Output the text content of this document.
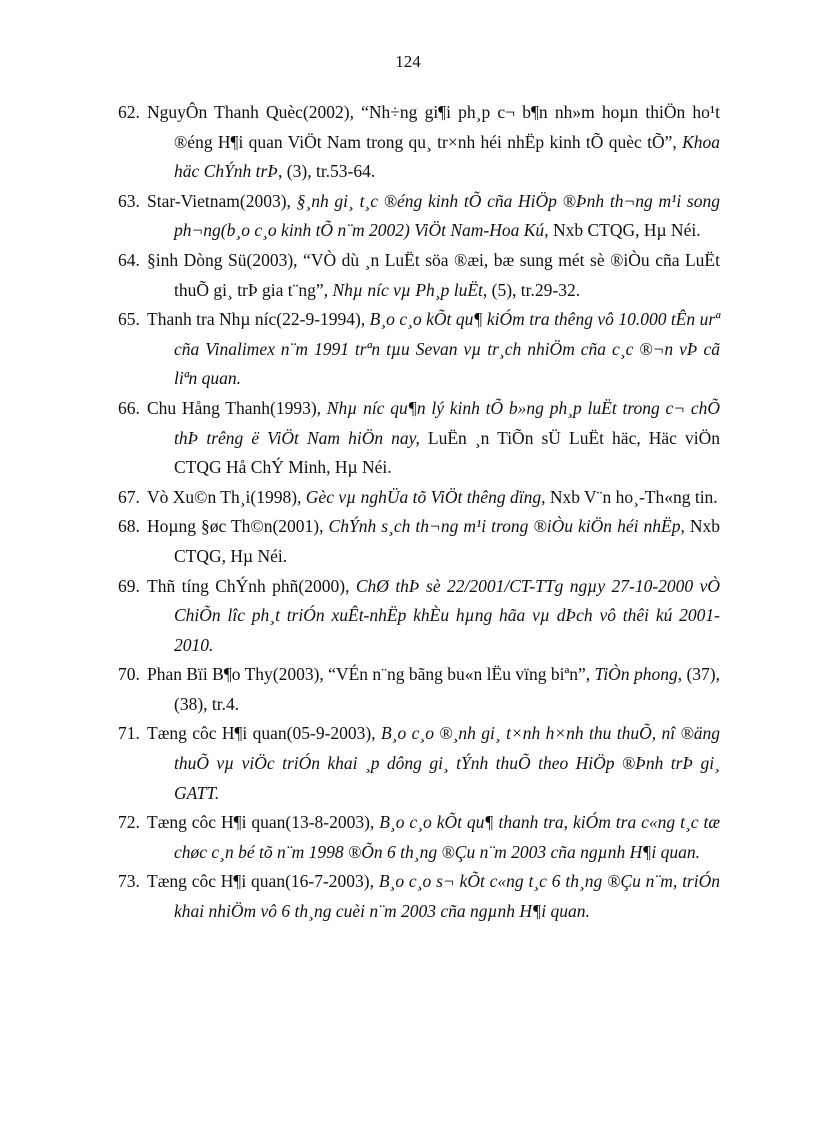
124
62. NguyÔn Thanh Quèc(2002), “Nh÷ng gi¶i ph¸p c¬ b¶n nh»m hoµn thiÖn ho¹t ®éng H¶i quan ViÖt Nam trong qu¸ tr×nh héi nhËp kinh tÕ quèc tÕ”, Khoa häc ChÝnh trÞ, (3), tr.53-64.
63. Star-Vietnam(2003), §¸nh gi¸ t¸c ®éng kinh tÕ cña HiÖp ®Þnh th¬ng m¹i song ph¬ng(b¸o c¸o kinh tÕ n¨m 2002) ViÖt Nam-Hoa Kú, Nxb CTQG, Hµ Néi.
64. §inh Dòng Sü(2003), “VÒ dù ¸n LuËt söa ®æi, bæ sung mét sè ®iÒu cña LuËt thuÕ gi¸ trÞ gia t¨ng”, Nhµ níc vµ Ph¸p luËt, (5), tr.29-32.
65. Thanh tra Nhµ níc(22-9-1994), B¸o c¸o kÕt qu¶ kiÓm tra thêng vô 10.000 tÊn urª cña Vinalimex n¨m 1991 trªn tµu Sevan vµ tr¸ch nhiÖm cña c¸c ®¬n vÞ cã liªn quan.
66. Chu Hång Thanh(1993), Nhµ níc qu¶n lý kinh tÕ b»ng ph¸p luËt trong c¬ chÕ thÞ trêng ë ViÖt Nam hiÖn nay, LuËn ¸n TiÕn sÜ LuËt häc, Häc viÖn CTQG Hå ChÝ Minh, Hµ Néi.
67. Vò Xu©n Th¸i(1998), Gèc vµ nghÜa tõ ViÖt thêng dïng, Nxb V¨n ho¸-Th«ng tin.
68. Hoµng §øc Th©n(2001), ChÝnh s¸ch th¬ng m¹i trong ®iÒu kiÖn héi nhËp, Nxb CTQG, Hµ Néi.
69. Thñ tíng ChÝnh phñ(2000), ChØ thÞ sè 22/2001/CT-TTg ngµy 27-10-2000 vÒ ChiÕn lîc ph¸t triÓn xuÊt-nhËp khÈu hµng hãa vµ dÞch vô thêi kú 2001-2010.
70. Phan Bïi B¶o Thy(2003), “VÉn n¨ng bãng bu«n lËu vïng biªn”, TiÒn phong, (37),(38), tr.4.
71. Tæng côc H¶i quan(05-9-2003), B¸o c¸o ®¸nh gi¸ t×nh h×nh thu thuÕ, nî ®äng thuÕ vµ viÖc triÓn khai ¸p dông gi¸ tÝnh thuÕ theo HiÖp ®Þnh trÞ gi¸ GATT.
72. Tæng côc H¶i quan(13-8-2003), B¸o c¸o kÕt qu¶ thanh tra, kiÓm tra c«ng t¸c tæ chøc c¸n bé tõ n¨m 1998 ®Õn 6 th¸ng ®Çu n¨m 2003 cña ngµnh H¶i quan.
73. Tæng côc H¶i quan(16-7-2003), B¸o c¸o s¬ kÕt c«ng t¸c 6 th¸ng ®Çu n¨m, triÓn khai nhiÖm vô 6 th¸ng cuèi n¨m 2003 cña ngµnh H¶i quan.
